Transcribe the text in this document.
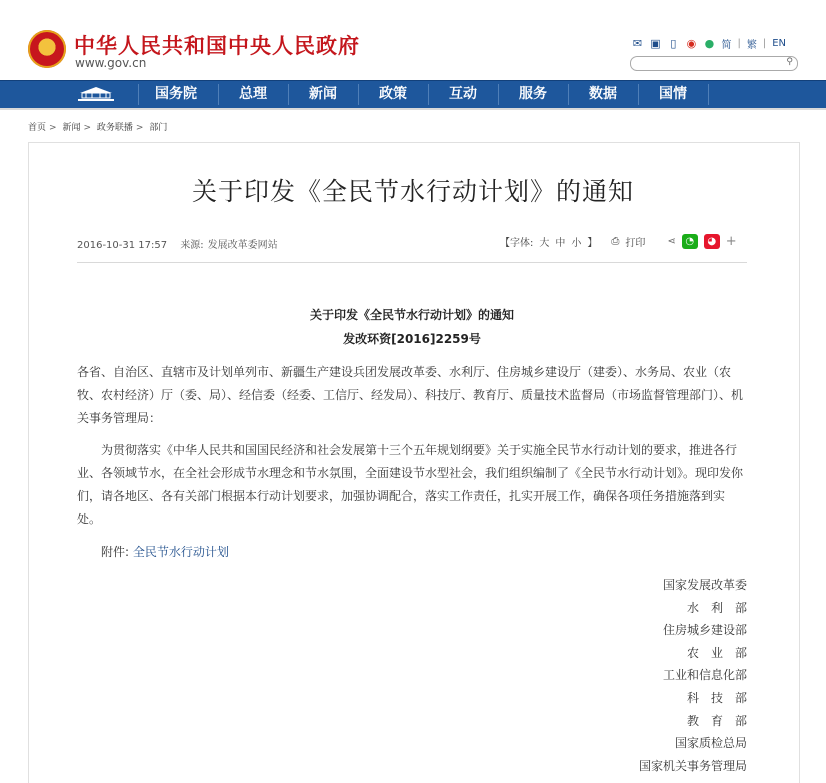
中华人民共和国中央人民政府
www.gov.cn
✉ ▣ ▯ ◉ ● 简 | 繁 | EN
⚲
国务院	总理	新闻	政策	互动	服务	数据	国情
首页 > 新闻 > 政务联播 > 部门
关于印发《全民节水行动计划》的通知
2016-10-31 17:57 来源: 发展改革委网站	【字体: 大 中 小 】 ⎙ 打印 ⋖ ◔	◕ +
关于印发《全民节水行动计划》的通知
发改环资[2016]2259号
各省、自治区、直辖市及计划单列市、新疆生产建设兵团发展改革委、水利厅、住房城乡建设厅（建委）、水务局、农业（农牧、农村经济）厅（委、局）、经信委（经委、工信厅、经发局）、科技厅、教育厅、质量技术监督局（市场监督管理部门）、机关事务管理局：
为贯彻落实《中华人民共和国国民经济和社会发展第十三个五年规划纲要》关于实施全民节水行动计划的要求，推进各行业、各领域节水，在全社会形成节水理念和节水氛围，全面建设节水型社会，我们组织编制了《全民节水行动计划》。现印发你们，请各地区、各有关部门根据本行动计划要求，加强协调配合，落实工作责任，扎实开展工作，确保各项任务措施落到实处。
附件: 全民节水行动计划
国家发展改革委
水　利　部
住房城乡建设部
农　业　部
工业和信息化部
科　技　部
教　育　部
国家质检总局
国家机关事务管理局
